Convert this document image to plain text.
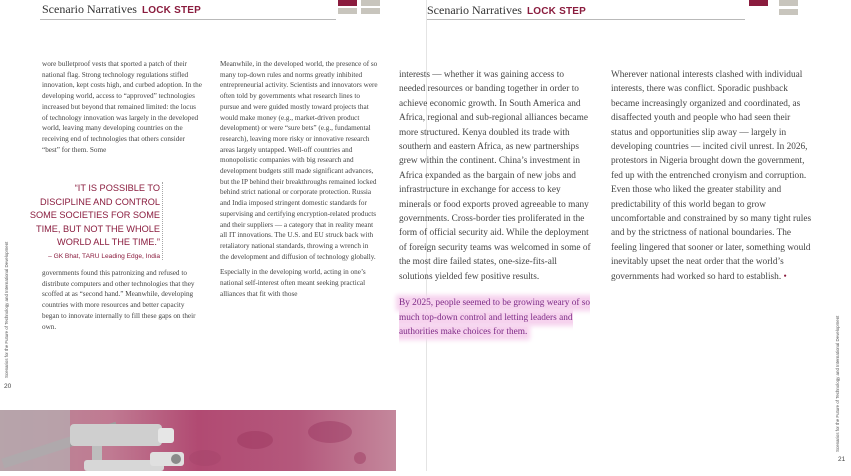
Scenario Narratives LOCK STEP

wore bulletproof vests that sported a patch of their national flag. Strong technology regulations stifled innovation, kept costs high, and curbed adoption. In the developing world, access to “approved” technologies increased but beyond that remained limited: the locus of technology innovation was largely in the developed world, leaving many developing countries on the receiving end of technologies that others consider “best” for them. Some

“IT IS POSSIBLE TO DISCIPLINE AND CONTROL SOME SOCIETIES FOR SOME TIME, BUT NOT THE WHOLE WORLD ALL THE TIME.”
– GK Bhat, TARU Leading Edge, India

governments found this patronizing and refused to distribute computers and other technologies that they scoffed at as “second hand.” Meanwhile, developing countries with more resources and better capacity began to innovate internally to fill these gaps on their own.

Meanwhile, in the developed world, the presence of so many top-down rules and norms greatly inhibited entrepreneurial activity. Scientists and innovators were often told by governments what research lines to pursue and were guided mostly toward projects that would make money (e.g., market-driven product development) or were “sure bets” (e.g., fundamental research), leaving more risky or innovative research areas largely untapped. Well-off countries and monopolistic companies with big research and development budgets still made significant advances, but the IP behind their breakthroughs remained locked behind strict national or corporate protection. Russia and India imposed stringent domestic standards for supervising and certifying encryption-related products and their suppliers — a category that in reality meant all IT innovations. The U.S. and EU struck back with retaliatory national standards, throwing a wrench in the development and diffusion of technology globally.

Especially in the developing world, acting in one’s national self-interest often meant seeking practical alliances that fit with those

Scenarios for the Future of Technology and International Development
20
Scenario Narratives LOCK STEP

interests — whether it was gaining access to needed resources or banding together in order to achieve economic growth. In South America and Africa, regional and sub-regional alliances became more structured. Kenya doubled its trade with southern and eastern Africa, as new partnerships grew within the continent. China’s investment in Africa expanded as the bargain of new jobs and infrastructure in exchange for access to key minerals or food exports proved agreeable to many governments. Cross-border ties proliferated in the form of official security aid. While the deployment of foreign security teams was welcomed in some of the most dire failed states, one-size-fits-all solutions yielded few positive results.

By 2025, people seemed to be growing weary of so much top-down control and letting leaders and authorities make choices for them.

Wherever national interests clashed with individual interests, there was conflict. Sporadic pushback became increasingly organized and coordinated, as disaffected youth and people who had seen their status and opportunities slip away — largely in developing countries — incited civil unrest. In 2026, protestors in Nigeria brought down the government, fed up with the entrenched cronyism and corruption. Even those who liked the greater stability and predictability of this world began to grow uncomfortable and constrained by so many tight rules and by the strictness of national boundaries. The feeling lingered that sooner or later, something would inevitably upset the neat order that the world’s governments had worked so hard to establish. •

Scenarios for the Future of Technology and International Development
21
